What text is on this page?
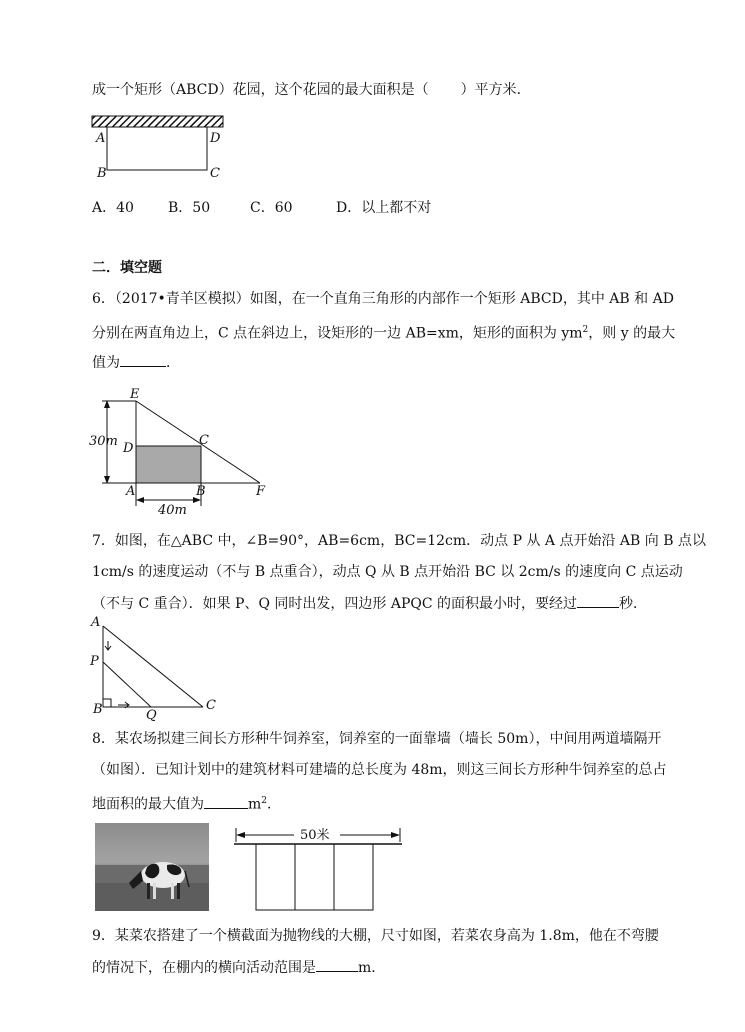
成一个矩形（ABCD）花园，这个花园的最大面积是（ ）平方米．
A	D
B	C
A．40 B．50	C．60	D．以上都不对
二．填空题
6．（2017•青羊区模拟）如图，在一个直角三角形的内部作一个矩形 ABCD，其中 AB 和 AD
分别在两直角边上，C 点在斜边上，设矩形的一边 AB=xm，矩形的面积为 $ym^2$，则 y 的最大
值为	．
30m
40m
E
D
C
A	B	F
7．如图，在△ABC 中，∠B=90°，AB=6cm，BC=12cm．动点 P 从 A 点开始沿 AB 向 B 点以
1cm/s 的速度运动（不与 B 点重合），动点 Q 从 B 点开始沿 BC 以 2cm/s 的速度向 C 点运动
（不与 C 重合）．如果 P、Q 同时出发，四边形 APQC 的面积最小时，要经过	秒．
A
P
B	Q
C
8．某农场拟建三间长方形种牛饲养室，饲养室的一面靠墙（墙长 50m），中间用两道墙隔开
（如图）．已知计划中的建筑材料可建墙的总长度为 48m，则这三间长方形种牛饲养室的总占
地面积的最大值为	$m^2$．
50米
9．某菜农搭建了一个横截面为抛物线的大棚，尺寸如图，若菜农身高为 1.8m，他在不弯腰
的情况下，在棚内的横向活动范围是	m．
